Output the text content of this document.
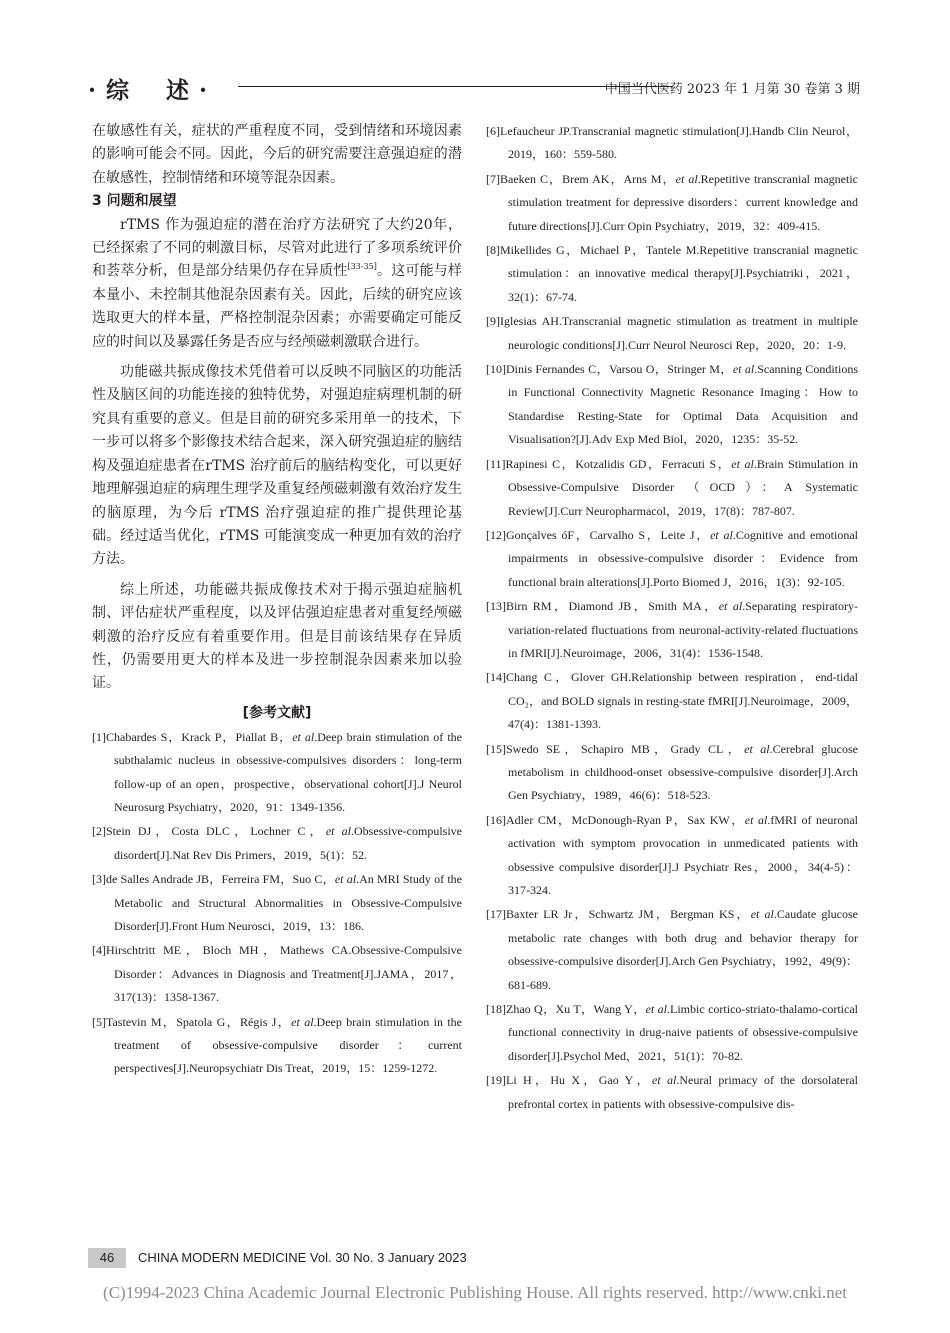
· 综    述 ·	中国当代医药 2023 年 1 月第 30 卷第 3 期

在敏感性有关，症状的严重程度不同，受到情绪和环境因素的影响可能会不同。因此，今后的研究需要注意强迫症的潜在敏感性，控制情绪和环境等混杂因素。

3 问题和展望

rTMS 作为强迫症的潜在治疗方法研究了大约20年，已经探索了不同的刺激目标，尽管对此进行了多项系统评价和荟萃分析，但是部分结果仍存在异质性[33-35]。这可能与样本量小、未控制其他混杂因素有关。因此，后续的研究应该选取更大的样本量，严格控制混杂因素；亦需要确定可能反应的时间以及暴露任务是否应与经颅磁刺激联合进行。

功能磁共振成像技术凭借着可以反映不同脑区的功能活性及脑区间的功能连接的独特优势，对强迫症病理机制的研究具有重要的意义。但是目前的研究多采用单一的技术，下一步可以将多个影像技术结合起来，深入研究强迫症的脑结构及强迫症患者在rTMS 治疗前后的脑结构变化，可以更好地理解强迫症的病理生理学及重复经颅磁刺激有效治疗发生的脑原理，为今后 rTMS 治疗强迫症的推广提供理论基础。经过适当优化，rTMS 可能演变成一种更加有效的治疗方法。

综上所述，功能磁共振成像技术对于揭示强迫症脑机制、评估症状严重程度，以及评估强迫症患者对重复经颅磁刺激的治疗反应有着重要作用。但是目前该结果存在异质性，仍需要用更大的样本及进一步控制混杂因素来加以验证。

[参考文献]

[1]Chabardes S，Krack P，Piallat B，et al.Deep brain stimulation of the subthalamic nucleus in obsessive-compulsives disorders：long-term follow-up of an open，prospective，observational cohort[J].J Neurol Neurosurg Psychiatry，2020，91：1349-1356.

[2]Stein DJ，Costa DLC，Lochner C，et al.Obsessive-compulsive disordert[J].Nat Rev Dis Primers，2019，5(1)：52.

[3]de Salles Andrade JB，Ferreira FM，Suo C，et al.An MRI Study of the Metabolic and Structural Abnormalities in Obsessive-Compulsive Disorder[J].Front Hum Neurosci，2019，13：186.

[4]Hirschtritt ME，Bloch MH，Mathews CA.Obsessive-Compulsive Disorder：Advances in Diagnosis and Treatment[J].JAMA，2017，317(13)：1358-1367.

[5]Tastevin M，Spatola G，Régis J，et al.Deep brain stimulation in the treatment of obsessive-compulsive disorder：current perspectives[J].Neuropsychiatr Dis Treat，2019，15：1259-1272.

[6]Lefaucheur JP.Transcranial magnetic stimulation[J].Handb Clin Neurol，2019，160：559-580.

[7]Baeken C，Brem AK，Arns M，et al.Repetitive transcranial magnetic stimulation treatment for depressive disorders：current knowledge and future directions[J].Curr Opin Psychiatry，2019，32：409-415.

[8]Mikellides G，Michael P，Tantele M.Repetitive transcranial magnetic stimulation：an innovative medical therapy[J].Psychiatriki，2021，32(1)：67-74.

[9]Iglesias AH.Transcranial magnetic stimulation as treatment in multiple neurologic conditions[J].Curr Neurol Neurosci Rep，2020，20：1-9.

[10]Dinis Fernandes C，Varsou O，Stringer M，et al.Scanning Conditions in Functional Connectivity Magnetic Resonance Imaging：How to Standardise Resting-State for Optimal Data Acquisition and Visualisation?[J].Adv Exp Med Biol，2020，1235：35-52.

[11]Rapinesi C，Kotzalidis GD，Ferracuti S，et al.Brain Stimulation in Obsessive-Compulsive Disorder （OCD）：A Systematic Review[J].Curr Neuropharmacol，2019，17(8)：787-807.

[12]Gonçalves óF，Carvalho S，Leite J，et al.Cognitive and emotional impairments in obsessive-compulsive disorder：Evidence from functional brain alterations[J].Porto Biomed J，2016，1(3)：92-105.

[13]Birn RM，Diamond JB，Smith MA，et al.Separating respiratory-variation-related fluctuations from neuronal-activity-related fluctuations in fMRI[J].Neuroimage，2006，31(4)：1536-1548.

[14]Chang C，Glover GH.Relationship between respiration，end-tidal CO₂，and BOLD signals in resting-state fMRI[J].Neuroimage，2009，47(4)：1381-1393.

[15]Swedo SE，Schapiro MB，Grady CL，et al.Cerebral glucose metabolism in childhood-onset obsessive-compulsive disorder[J].Arch Gen Psychiatry，1989，46(6)：518-523.

[16]Adler CM，McDonough-Ryan P，Sax KW，et al.fMRI of neuronal activation with symptom provocation in unmedicated patients with obsessive compulsive disorder[J].J Psychiatr Res，2000，34(4-5)：317-324.

[17]Baxter LR Jr，Schwartz JM，Bergman KS，et al.Caudate glucose metabolic rate changes with both drug and behavior therapy for obsessive-compulsive disorder[J].Arch Gen Psychiatry，1992，49(9)：681-689.

[18]Zhao Q，Xu T，Wang Y，et al.Limbic cortico-striato-thalamo-cortical functional connectivity in drug-naive patients of obsessive-compulsive disorder[J].Psychol Med，2021，51(1)：70-82.

[19]Li H，Hu X，Gao Y，et al.Neural primacy of the dorsolateral prefrontal cortex in patients with obsessive-compulsive dis-

46	CHINA MODERN MEDICINE Vol. 30 No. 3 January 2023
(C)1994-2023 China Academic Journal Electronic Publishing House. All rights reserved. http://www.cnki.net
